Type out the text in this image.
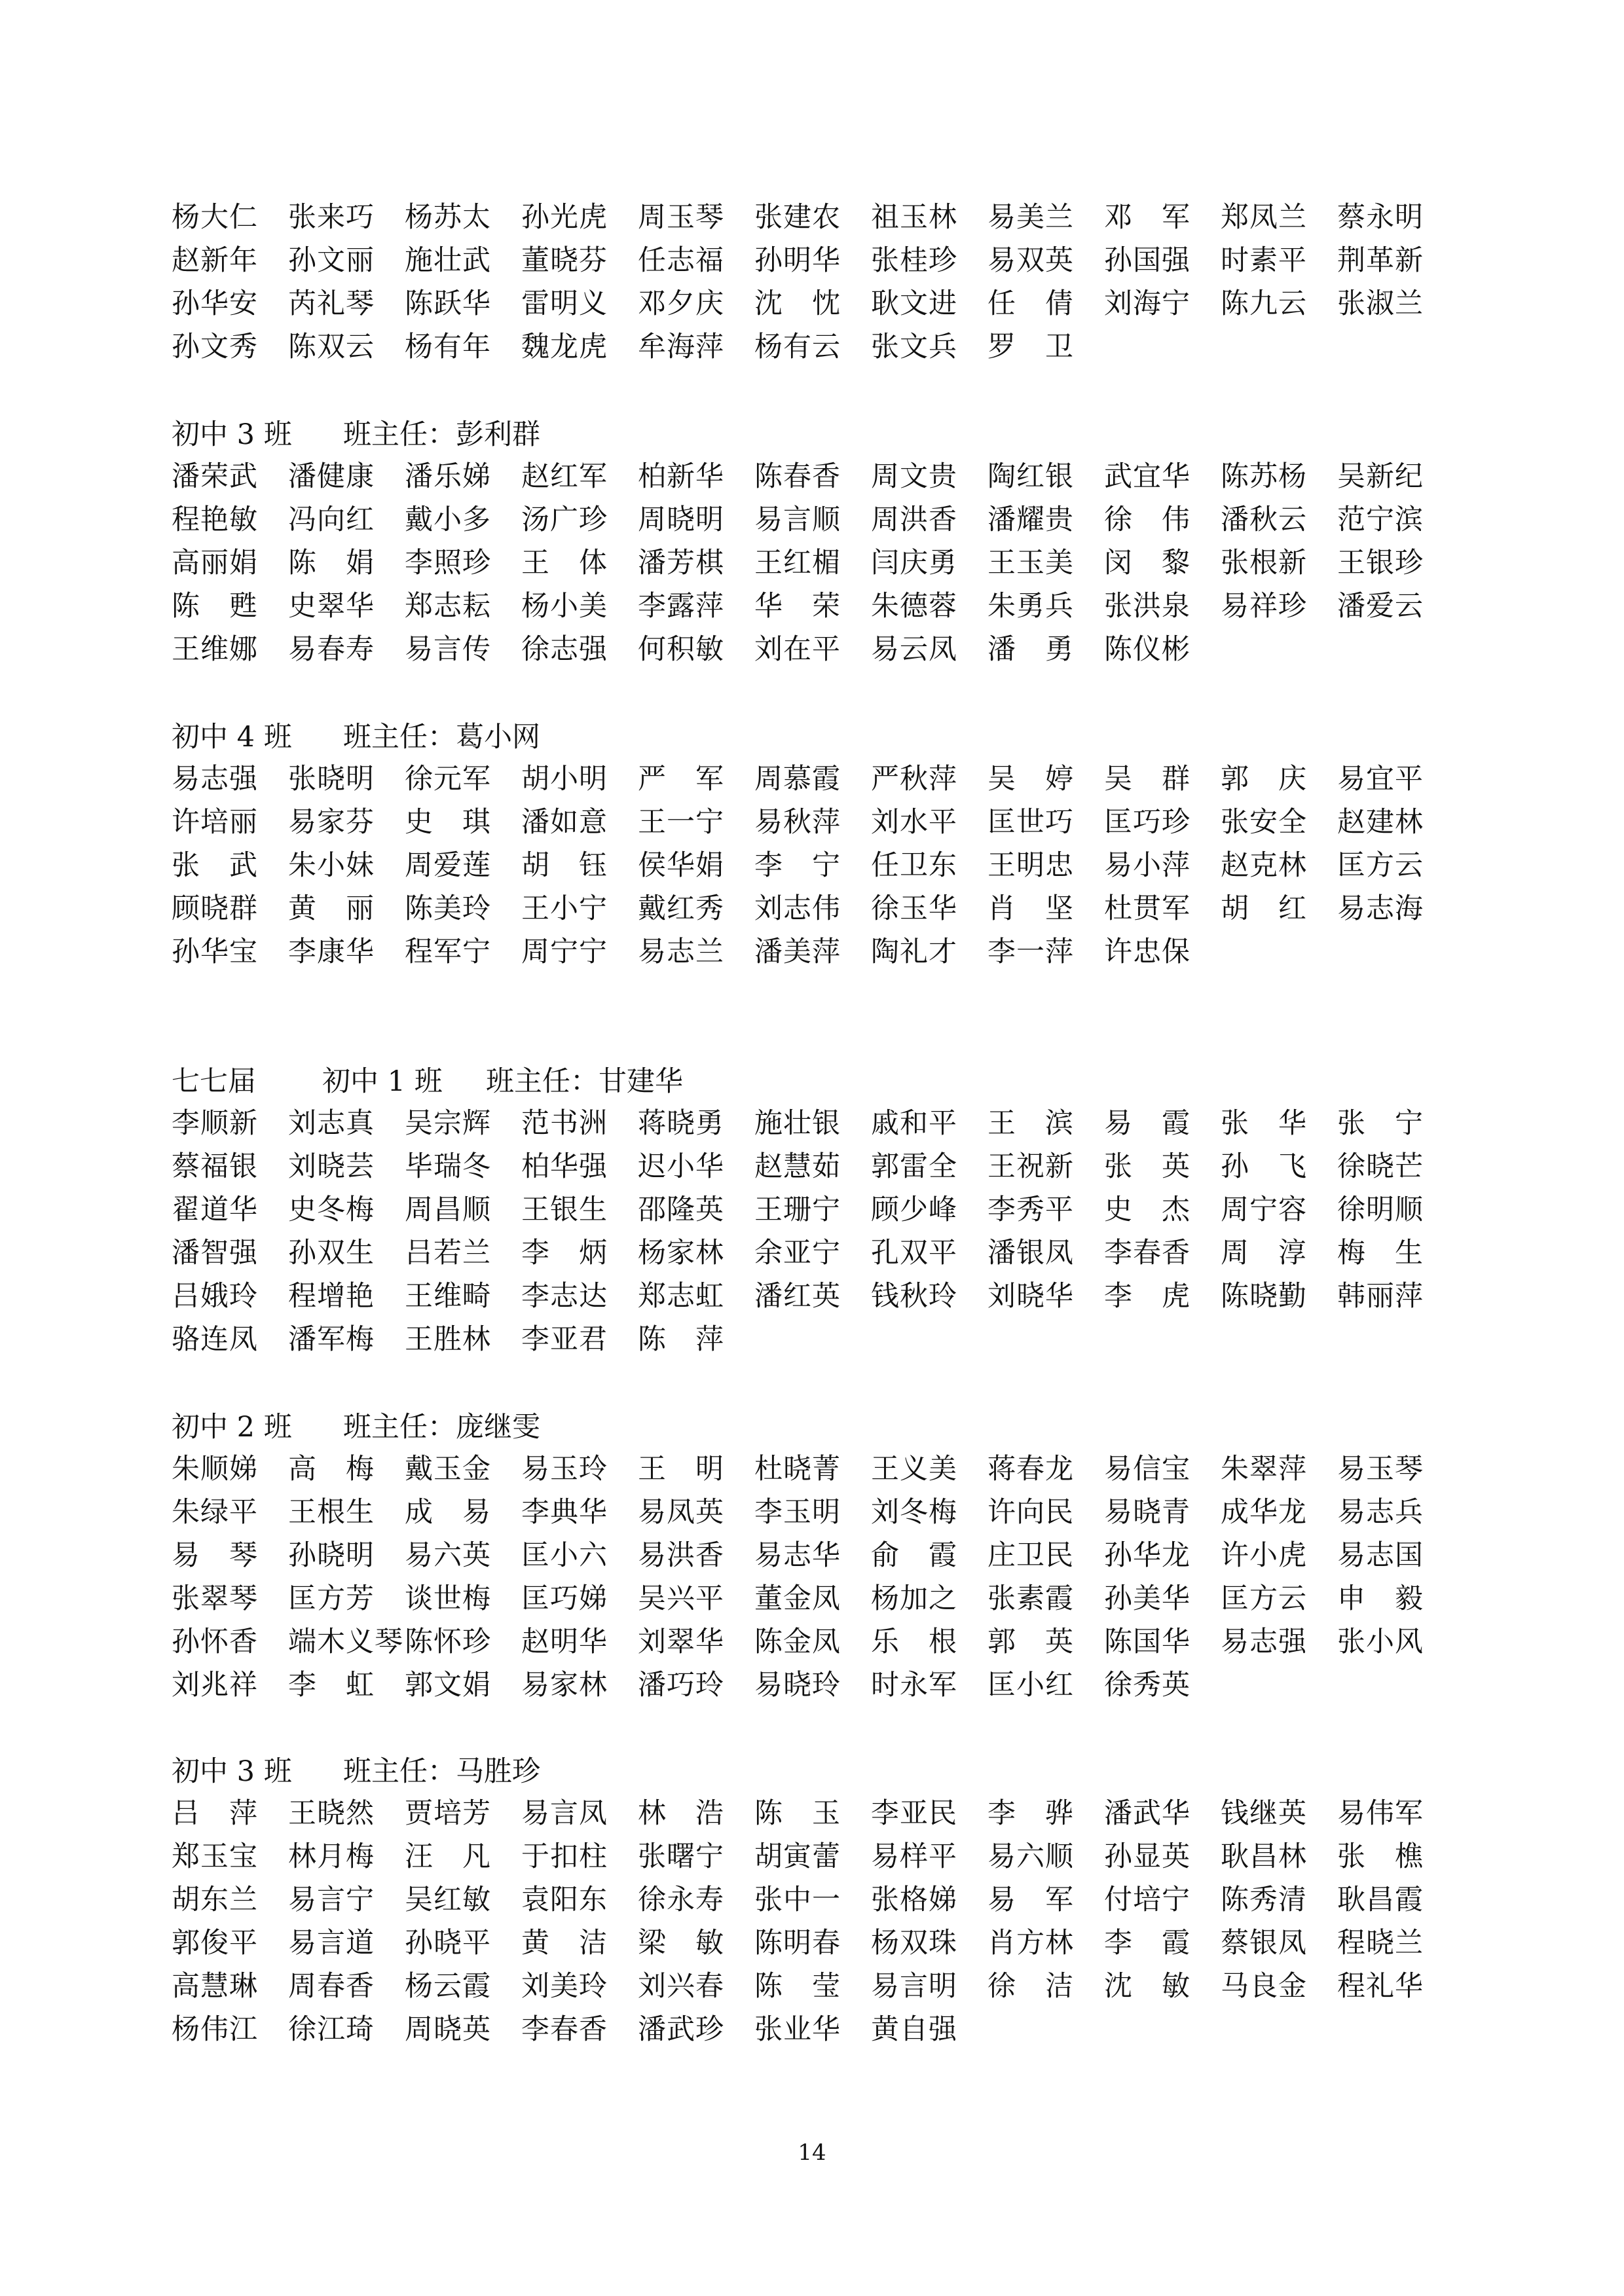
杨大仁	张来巧	杨苏太	孙光虎	周玉琴	张建农	祖玉林	易美兰	邓　军	郑凤兰	蔡永明
赵新年	孙文丽	施壮武	董晓芬	任志福	孙明华	张桂珍	易双英	孙国强	时素平	荆革新
孙华安	芮礼琴	陈跃华	雷明义	邓夕庆	沈　忱	耿文进	任　倩	刘海宁	陈九云	张淑兰
孙文秀	陈双云	杨有年	魏龙虎	牟海萍	杨有云	张文兵	罗　卫
初中 3 班 班主任：彭利群
潘荣武	潘健康	潘乐娣	赵红军	柏新华	陈春香	周文贵	陶红银	武宜华	陈苏杨	吴新纪
程艳敏	冯向红	戴小多	汤广珍	周晓明	易言顺	周洪香	潘耀贵	徐　伟	潘秋云	范宁滨
高丽娟	陈　娟	李照珍	王　体	潘芳棋	王红楣	闫庆勇	王玉美	闵　黎	张根新	王银珍
陈　甦	史翠华	郑志耘	杨小美	李露萍	华　荣	朱德蓉	朱勇兵	张洪泉	易祥珍	潘爱云
王维娜	易春寿	易言传	徐志强	何积敏	刘在平	易云凤	潘　勇	陈仪彬
初中 4 班 班主任：葛小网
易志强	张晓明	徐元军	胡小明	严　军	周慕霞	严秋萍	吴　婷	吴　群	郭　庆	易宜平
许培丽	易家芬	史　琪	潘如意	王一宁	易秋萍	刘水平	匡世巧	匡巧珍	张安全	赵建林
张　武	朱小妹	周爱莲	胡　钰	侯华娟	李　宁	任卫东	王明忠	易小萍	赵克林	匡方云
顾晓群	黄　丽	陈美玲	王小宁	戴红秀	刘志伟	徐玉华	肖　坚	杜贯军	胡　红	易志海
孙华宝	李康华	程军宁	周宁宁	易志兰	潘美萍	陶礼才	李一萍	许忠保
七七届 初中 1 班 班主任：甘建华
李顺新	刘志真	吴宗辉	范书洲	蒋晓勇	施壮银	戚和平	王　滨	易　霞	张　华	张　宁
蔡福银	刘晓芸	毕瑞冬	柏华强	迟小华	赵慧茹	郭雷全	王祝新	张　英	孙　飞	徐晓芒
翟道华	史冬梅	周昌顺	王银生	邵隆英	王珊宁	顾少峰	李秀平	史　杰	周宁容	徐明顺
潘智强	孙双生	吕若兰	李　炳	杨家林	余亚宁	孔双平	潘银凤	李春香	周　淳	梅　生
吕娥玲	程增艳	王维畸	李志达	郑志虹	潘红英	钱秋玲	刘晓华	李　虎	陈晓勤	韩丽萍
骆连凤	潘军梅	王胜林	李亚君	陈　萍
初中 2 班 班主任：庞继雯
朱顺娣	高　梅	戴玉金	易玉玲	王　明	杜晓菁	王义美	蒋春龙	易信宝	朱翠萍	易玉琴
朱绿平	王根生	成　易	李典华	易凤英	李玉明	刘冬梅	许向民	易晓青	成华龙	易志兵
易　琴	孙晓明	易六英	匡小六	易洪香	易志华	俞　霞	庄卫民	孙华龙	许小虎	易志国
张翠琴	匡方芳	谈世梅	匡巧娣	吴兴平	董金凤	杨加之	张素霞	孙美华	匡方云	申　毅
孙怀香	端木义琴 陈怀珍	赵明华	刘翠华	陈金凤	乐　根	郭　英	陈国华	易志强	张小风
刘兆祥	李　虹	郭文娟	易家林	潘巧玲	易晓玲	时永军	匡小红	徐秀英
初中 3 班 班主任：马胜珍
吕　萍	王晓然	贾培芳	易言凤	林　浩	陈　玉	李亚民	李　骅	潘武华	钱继英	易伟军
郑玉宝	林月梅	汪　凡	于扣柱	张曙宁	胡寅蕾	易样平	易六顺	孙显英	耿昌林	张　樵
胡东兰	易言宁	吴红敏	袁阳东	徐永寿	张中一	张格娣	易　军	付培宁	陈秀清	耿昌霞
郭俊平	易言道	孙晓平	黄　洁	梁　敏	陈明春	杨双珠	肖方林	李　霞	蔡银凤	程晓兰
高慧琳	周春香	杨云霞	刘美玲	刘兴春	陈　莹	易言明	徐　洁	沈　敏	马良金	程礼华
杨伟江	徐江琦	周晓英	李春香	潘武珍	张业华	黄自强
14
